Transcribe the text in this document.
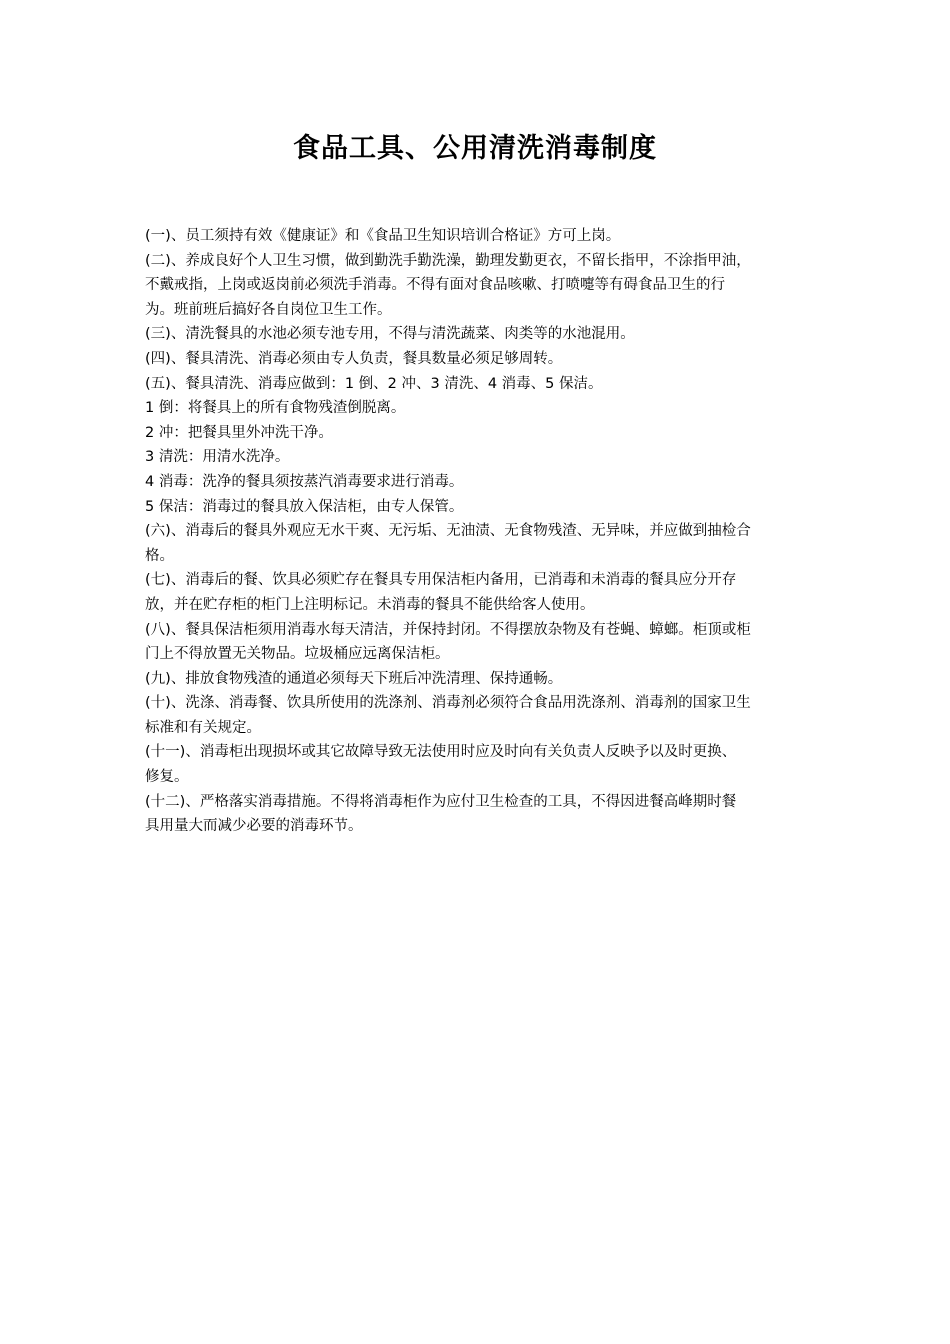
食品工具、公用清洗消毒制度

(一)、员工须持有效《健康证》和《食品卫生知识培训合格证》方可上岗。

(二)、养成良好个人卫生习惯，做到勤洗手勤洗澡，勤理发勤更衣，不留长指甲，不涂指甲油，

不戴戒指，上岗或返岗前必须洗手消毒。不得有面对食品咳嗽、打喷嚏等有碍食品卫生的行

为。班前班后搞好各自岗位卫生工作。

(三)、清洗餐具的水池必须专池专用，不得与清洗蔬菜、肉类等的水池混用。

(四)、餐具清洗、消毒必须由专人负责，餐具数量必须足够周转。

(五)、餐具清洗、消毒应做到：1 倒、2 冲、3 清洗、4 消毒、5 保洁。

1 倒：将餐具上的所有食物残渣倒脱离。

2 冲：把餐具里外冲洗干净。

3 清洗：用清水洗净。

4 消毒：洗净的餐具须按蒸汽消毒要求进行消毒。

5 保洁：消毒过的餐具放入保洁柜，由专人保管。

(六)、消毒后的餐具外观应无水干爽、无污垢、无油渍、无食物残渣、无异味，并应做到抽检合

格。

(七)、消毒后的餐、饮具必须贮存在餐具专用保洁柜内备用，已消毒和未消毒的餐具应分开存

放，并在贮存柜的柜门上注明标记。未消毒的餐具不能供给客人使用。

(八)、餐具保洁柜须用消毒水每天清洁，并保持封闭。不得摆放杂物及有苍蝇、蟑螂。柜顶或柜

门上不得放置无关物品。垃圾桶应远离保洁柜。

(九)、排放食物残渣的通道必须每天下班后冲洗清理、保持通畅。

(十)、洗涤、消毒餐、饮具所使用的洗涤剂、消毒剂必须符合食品用洗涤剂、消毒剂的国家卫生

标准和有关规定。

(十一)、消毒柜出现损坏或其它故障导致无法使用时应及时向有关负责人反映予以及时更换、

修复。

(十二)、严格落实消毒措施。不得将消毒柜作为应付卫生检查的工具，不得因进餐高峰期时餐

具用量大而减少必要的消毒环节。
